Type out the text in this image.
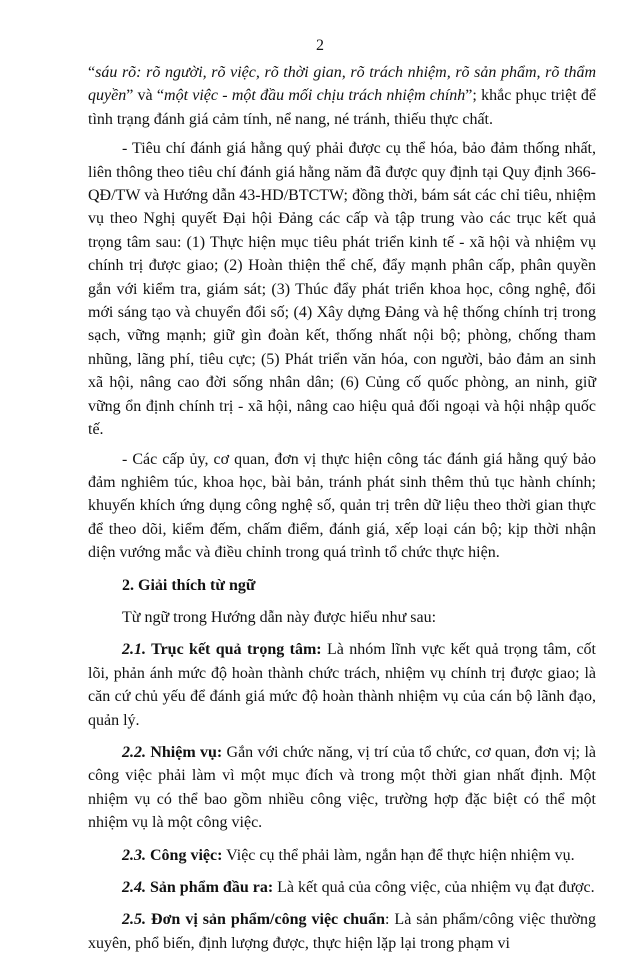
2

“sáu rõ: rõ người, rõ việc, rõ thời gian, rõ trách nhiệm, rõ sản phẩm, rõ thẩm quyền” và “một việc - một đầu mối chịu trách nhiệm chính”; khắc phục triệt để tình trạng đánh giá cảm tính, nể nang, né tránh, thiếu thực chất.

- Tiêu chí đánh giá hằng quý phải được cụ thể hóa, bảo đảm thống nhất, liên thông theo tiêu chí đánh giá hằng năm đã được quy định tại Quy định 366-QĐ/TW và Hướng dẫn 43-HD/BTCTW; đồng thời, bám sát các chỉ tiêu, nhiệm vụ theo Nghị quyết Đại hội Đảng các cấp và tập trung vào các trục kết quả trọng tâm sau: (1) Thực hiện mục tiêu phát triển kinh tế - xã hội và nhiệm vụ chính trị được giao; (2) Hoàn thiện thể chế, đẩy mạnh phân cấp, phân quyền gắn với kiểm tra, giám sát; (3) Thúc đẩy phát triển khoa học, công nghệ, đổi mới sáng tạo và chuyển đổi số; (4) Xây dựng Đảng và hệ thống chính trị trong sạch, vững mạnh; giữ gìn đoàn kết, thống nhất nội bộ; phòng, chống tham nhũng, lãng phí, tiêu cực; (5) Phát triển văn hóa, con người, bảo đảm an sinh xã hội, nâng cao đời sống nhân dân; (6) Củng cố quốc phòng, an ninh, giữ vững ổn định chính trị - xã hội, nâng cao hiệu quả đối ngoại và hội nhập quốc tế.

- Các cấp ủy, cơ quan, đơn vị thực hiện công tác đánh giá hằng quý bảo đảm nghiêm túc, khoa học, bài bản, tránh phát sinh thêm thủ tục hành chính; khuyến khích ứng dụng công nghệ số, quản trị trên dữ liệu theo thời gian thực để theo dõi, kiểm đếm, chấm điểm, đánh giá, xếp loại cán bộ; kịp thời nhận diện vướng mắc và điều chỉnh trong quá trình tổ chức thực hiện.

2. Giải thích từ ngữ

Từ ngữ trong Hướng dẫn này được hiểu như sau:

2.1. Trục kết quả trọng tâm: Là nhóm lĩnh vực kết quả trọng tâm, cốt lõi, phản ánh mức độ hoàn thành chức trách, nhiệm vụ chính trị được giao; là căn cứ chủ yếu để đánh giá mức độ hoàn thành nhiệm vụ của cán bộ lãnh đạo, quản lý.

2.2. Nhiệm vụ: Gắn với chức năng, vị trí của tổ chức, cơ quan, đơn vị; là công việc phải làm vì một mục đích và trong một thời gian nhất định. Một nhiệm vụ có thể bao gồm nhiều công việc, trường hợp đặc biệt có thể một nhiệm vụ là một công việc.

2.3. Công việc: Việc cụ thể phải làm, ngắn hạn để thực hiện nhiệm vụ.

2.4. Sản phẩm đầu ra: Là kết quả của công việc, của nhiệm vụ đạt được.

2.5. Đơn vị sản phẩm/công việc chuẩn: Là sản phẩm/công việc thường xuyên, phổ biến, định lượng được, thực hiện lặp lại trong phạm vi
